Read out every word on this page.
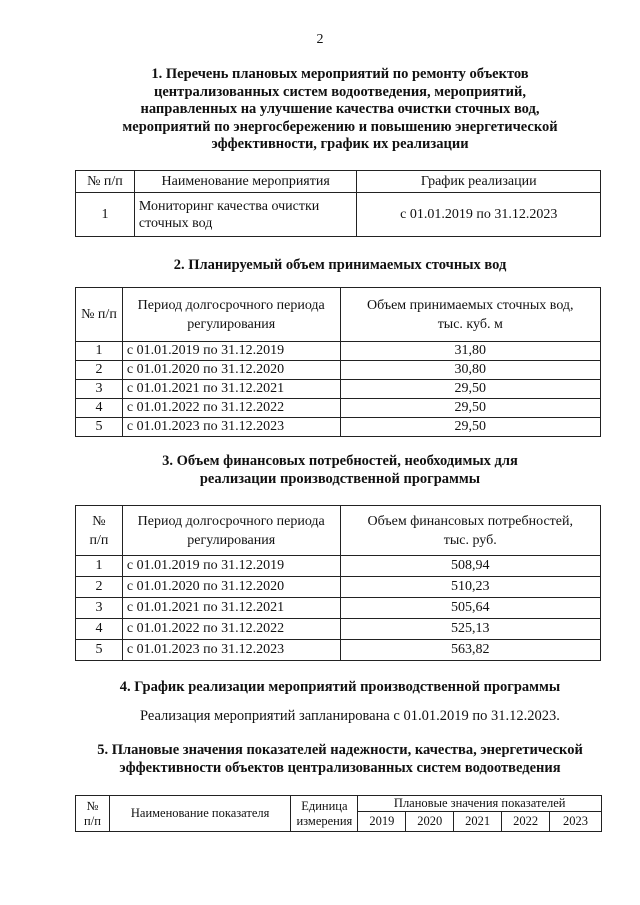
2
1. Перечень плановых мероприятий по ремонту объектов
централизованных систем водоотведения, мероприятий,
направленных на улучшение качества очистки сточных вод,
мероприятий по энергосбережению и повышению энергетической
эффективности, график их реализации
№ п/п	Наименование мероприятия	График реализации
1	Мониторинг качества очистки
сточных вод	с 01.01.2019 по 31.12.2023
2. Планируемый объем принимаемых сточных вод
№ п/п	Период долгосрочного периода
регулирования	Объем принимаемых сточных вод,
тыс. куб. м

1	с 01.01.2019 по 31.12.2019	31,80
2	с 01.01.2020 по 31.12.2020	30,80
3	с 01.01.2021 по 31.12.2021	29,50
4	с 01.01.2022 по 31.12.2022	29,50
5	с 01.01.2023 по 31.12.2023	29,50
3. Объем финансовых потребностей, необходимых для
реализации производственной программы
№
п/п	Период долгосрочного периода
регулирования	Объем финансовых потребностей,
тыс. руб.

1	с 01.01.2019 по 31.12.2019	508,94
2	с 01.01.2020 по 31.12.2020	510,23
3	с 01.01.2021 по 31.12.2021	505,64
4	с 01.01.2022 по 31.12.2022	525,13
5	с 01.01.2023 по 31.12.2023	563,82
4. График реализации мероприятий производственной программы
Реализация мероприятий запланирована с 01.01.2019 по 31.12.2023.
5. Плановые значения показателей надежности, качества, энергетической
эффективности объектов централизованных систем водоотведения
№
п/п	Наименование показателя	Единица
измерения	Плановые значения показателей				
			2019	2020	2021	2022	2023
